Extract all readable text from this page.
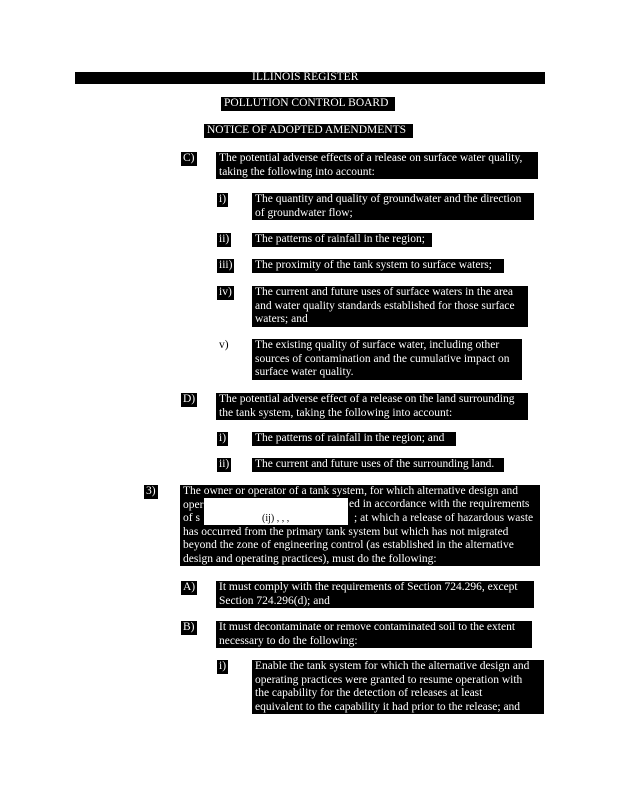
ILLINOIS REGISTER
POLLUTION CONTROL BOARD
NOTICE OF ADOPTED AMENDMENTS
C) The potential adverse effects of a release on surface water quality,
taking the following into account:
i)	The quantity and quality of groundwater and the direction
of groundwater flow;
ii) The patterns of rainfall in the region;
iii) The proximity of the tank system to surface waters;
iv) The current and future uses of surface waters in the area
and water quality standards established for those surface
waters; and
v) The existing quality of surface water, including other
sources of contamination and the cumulative impact on
surface water quality.
D) The potential adverse effect of a release on the land surrounding
the tank system, taking the following into account:
i)	The patterns of rainfall in the region; and
ii) The current and future uses of the surrounding land.
3) The owner or operator of a tank system, for which alternative design and
oper
of s
has occurred from the primary tank system but which has not migrated
beyond the zone of engineering control (as established in the alternative
design and operating practices), must do the following:
ed in accordance with the requirements
; at which a release of hazardous waste
(ij) , , ,
A) It must comply with the requirements of Section 724.296, except
Section 724.296(d); and
B) It must decontaminate or remove contaminated soil to the extent
necessary to do the following:
i)	Enable the tank system for which the alternative design and
operating practices were granted to resume operation with
the capability for the detection of releases at least
equivalent to the capability it had prior to the release; and
